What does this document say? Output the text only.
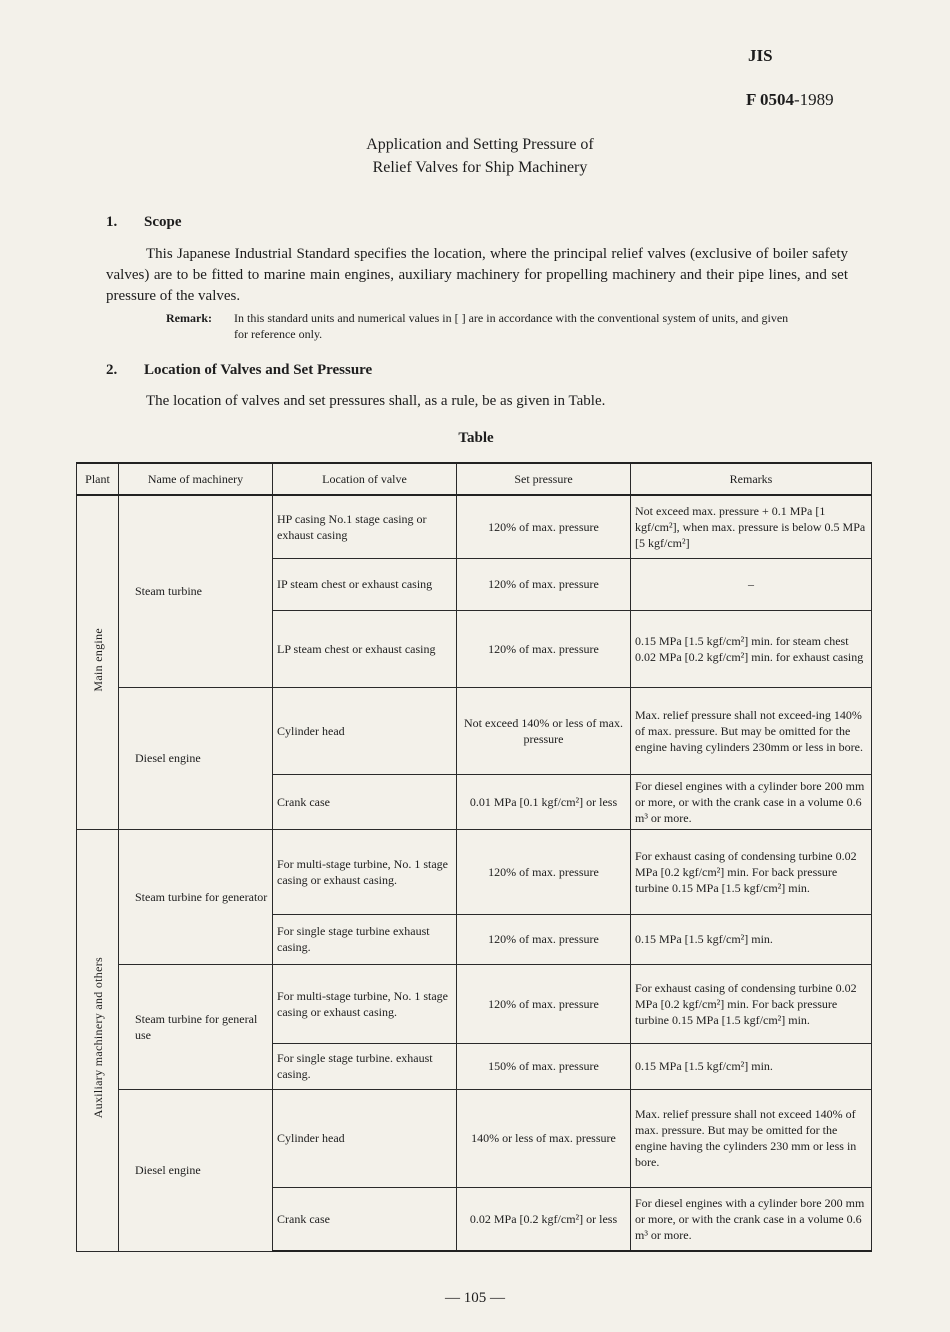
JIS
F 0504-1989
Application and Setting Pressure of
Relief Valves for Ship Machinery
1. Scope
This Japanese Industrial Standard specifies the location, where the principal relief valves (exclusive of boiler safety valves) are to be fitted to marine main engines, auxiliary machinery for propelling machinery and their pipe lines, and set pressure of the valves.
Remark: In this standard units and numerical values in [ ] are in accordance with the conventional system of units, and given for reference only.
2. Location of Valves and Set Pressure
The location of valves and set pressures shall, as a rule, be as given in Table.
Table
Plant	Name of machinery	Location of valve	Set pressure	Remarks
Main engine	Steam turbine	HP casing No.1 stage casing or exhaust casing	120% of max. pressure	Not exceed max. pressure + 0.1 MPa [1 kgf/cm²], when max. pressure is below 0.5 MPa [5 kgf/cm²]
		IP steam chest or exhaust casing	120% of max. pressure	–
		LP steam chest or exhaust casing	120% of max. pressure	0.15 MPa [1.5 kgf/cm²] min. for steam chest 0.02 MPa [0.2 kgf/cm²] min. for exhaust casing
	Diesel engine	Cylinder head	Not exceed 140% or less of max. pressure	Max. relief pressure shall not exceed-ing 140% of max. pressure. But may be omitted for the engine having cylinders 230mm or less in bore.
		Crank case	0.01 MPa [0.1 kgf/cm²] or less	For diesel engines with a cylinder bore 200 mm or more, or with the crank case in a volume 0.6 m³ or more.
Auxiliary machinery and others	Steam turbine for generator	For multi-stage turbine, No. 1 stage casing or exhaust casing.	120% of max. pressure	For exhaust casing of condensing turbine 0.02 MPa [0.2 kgf/cm²] min. For back pressure turbine 0.15 MPa [1.5 kgf/cm²] min.
		For single stage turbine exhaust casing.	120% of max. pressure	0.15 MPa [1.5 kgf/cm²] min.
	Steam turbine for general use	For multi-stage turbine, No. 1 stage casing or exhaust casing.	120% of max. pressure	For exhaust casing of condensing turbine 0.02 MPa [0.2 kgf/cm²] min. For back pressure turbine 0.15 MPa [1.5 kgf/cm²] min.
		For single stage turbine. exhaust casing.	150% of max. pressure	0.15 MPa [1.5 kgf/cm²] min.
	Diesel engine	Cylinder head	140% or less of max. pressure	Max. relief pressure shall not exceed 140% of max. pressure. But may be omitted for the engine having the cylinders 230 mm or less in bore.
		Crank case	0.02 MPa [0.2 kgf/cm²] or less	For diesel engines with a cylinder bore 200 mm or more, or with the crank case in a volume 0.6 m³ or more.
— 105 —
